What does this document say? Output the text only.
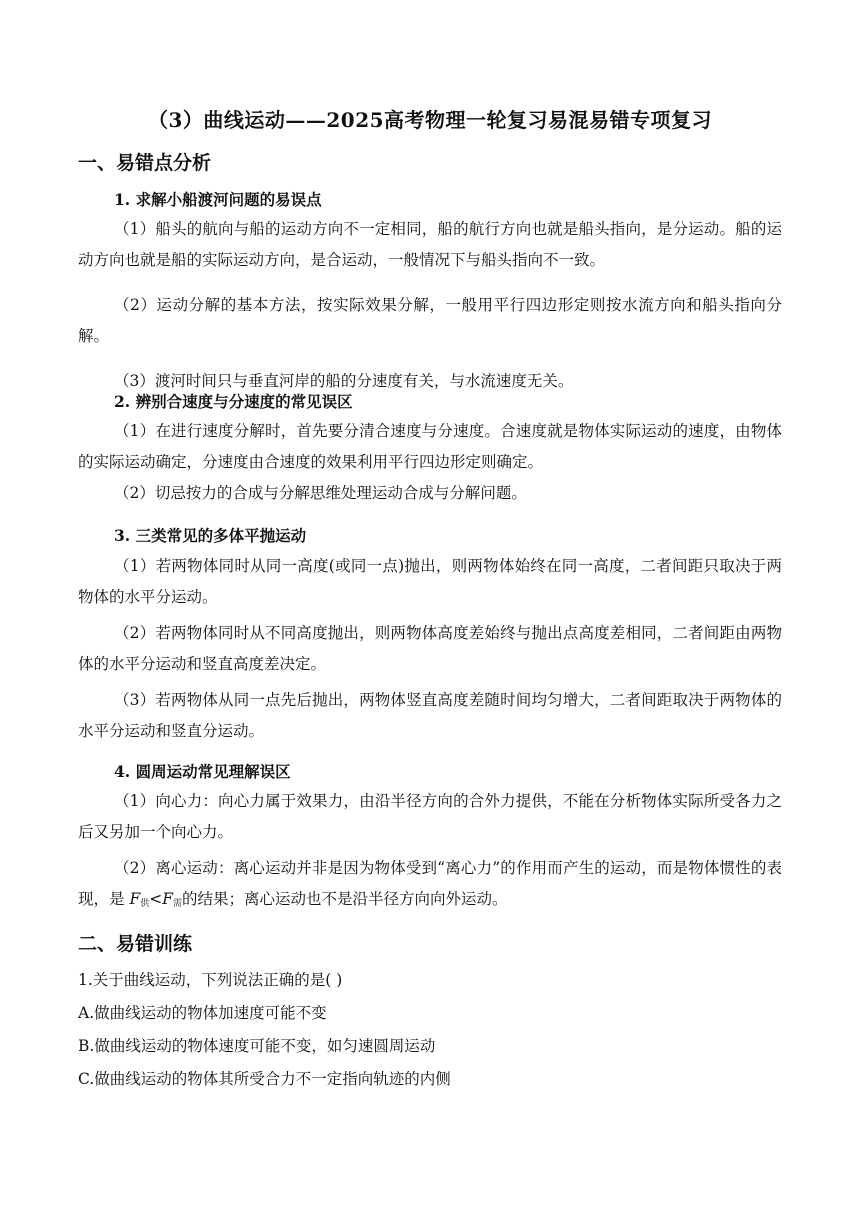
（3）曲线运动——2025高考物理一轮复习易混易错专项复习
一、易错点分析
1. 求解小船渡河问题的易误点

（1）船头的航向与船的运动方向不一定相同，船的航行方向也就是船头指向，是分运动。船的运动方向也就是船的实际运动方向，是合运动，一般情况下与船头指向不一致。

（2）运动分解的基本方法，按实际效果分解，一般用平行四边形定则按水流方向和船头指向分解。

（3）渡河时间只与垂直河岸的船的分速度有关，与水流速度无关。

2. 辨别合速度与分速度的常见误区

（1）在进行速度分解时，首先要分清合速度与分速度。合速度就是物体实际运动的速度，由物体的实际运动确定，分速度由合速度的效果利用平行四边形定则确定。

（2）切忌按力的合成与分解思维处理运动合成与分解问题。

3. 三类常见的多体平抛运动

（1）若两物体同时从同一高度(或同一点)抛出，则两物体始终在同一高度，二者间距只取决于两物体的水平分运动。

（2）若两物体同时从不同高度抛出，则两物体高度差始终与抛出点高度差相同，二者间距由两物体的水平分运动和竖直高度差决定。

（3）若两物体从同一点先后抛出，两物体竖直高度差随时间均匀增大，二者间距取决于两物体的水平分运动和竖直分运动。

4. 圆周运动常见理解误区

（1）向心力：向心力属于效果力，由沿半径方向的合外力提供，不能在分析物体实际所受各力之后又另加一个向心力。

（2）离心运动：离心运动并非是因为物体受到“离心力”的作用而产生的运动，而是物体惯性的表现，是 $F_供<F_需$的结果；离心运动也不是沿半径方向向外运动。

二、易错训练
1.关于曲线运动，下列说法正确的是( )
A.做曲线运动的物体加速度可能不变
B.做曲线运动的物体速度可能不变，如匀速圆周运动
C.做曲线运动的物体其所受合力不一定指向轨迹的内侧
